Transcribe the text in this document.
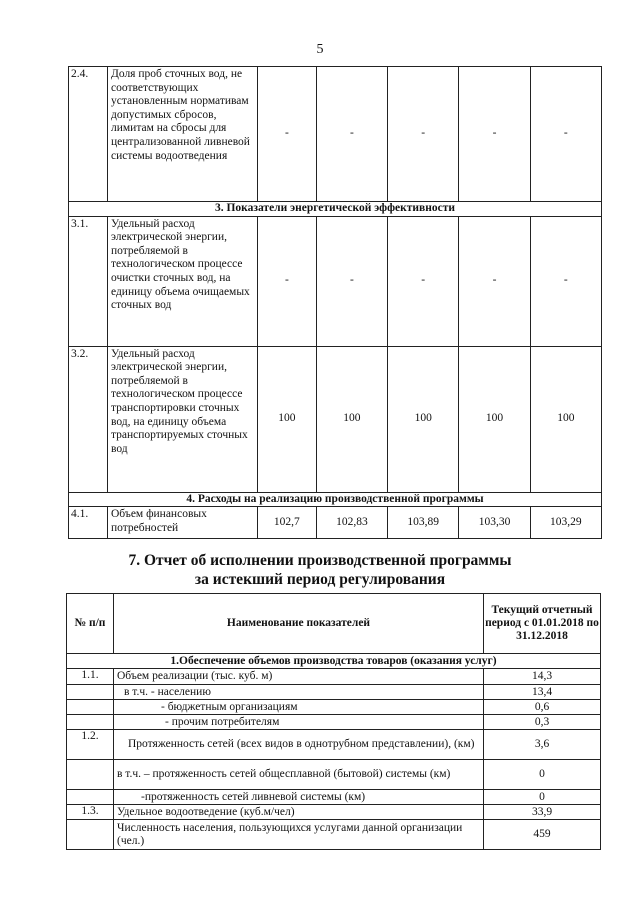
5
2.4.	Доля проб сточных вод, не соответствующих установленным нормативам допустимых сбросов, лимитам на сбросы для централизованной ливневой системы водоотведения	-	-	-	-	-
3. Показатели энергетической эффективности						
3.1.	Удельный расход электрической энергии, потребляемой в технологическом процессе очистки сточных вод, на единицу объема очищаемых сточных вод	-	-	-	-	-
3.2.	Удельный расход электрической энергии, потребляемой в технологическом процессе транспортировки сточных вод, на единицу объема транспортируемых сточных вод	100	100	100	100	100
4. Расходы на реализацию производственной программы						
4.1.	Объем финансовых потребностей	102,7	102,83	103,89	103,30	103,29
7. Отчет об исполнении производственной программы
за истекший период регулирования
№ п/п	Наименование показателей	Текущий отчетный период с 01.01.2018 по 31.12.2018
1.Обеспечение объемов производства товаров (оказания услуг)		
1.1.	Объем реализации (тыс. куб. м)	14,3
	в т.ч. - населению	13,4
	- бюджетным организациям	0,6
	- прочим потребителям	0,3
1.2.	Протяженность сетей (всех видов в однотрубном представлении), (км)	3,6
	в т.ч. – протяженность сетей общесплавной (бытовой) системы (км)	0
	-протяженность сетей ливневой системы (км)	0
1.3.	Удельное водоотведение (куб.м/чел)	33,9
	Численность населения, пользующихся услугами данной организации (чел.)	459
